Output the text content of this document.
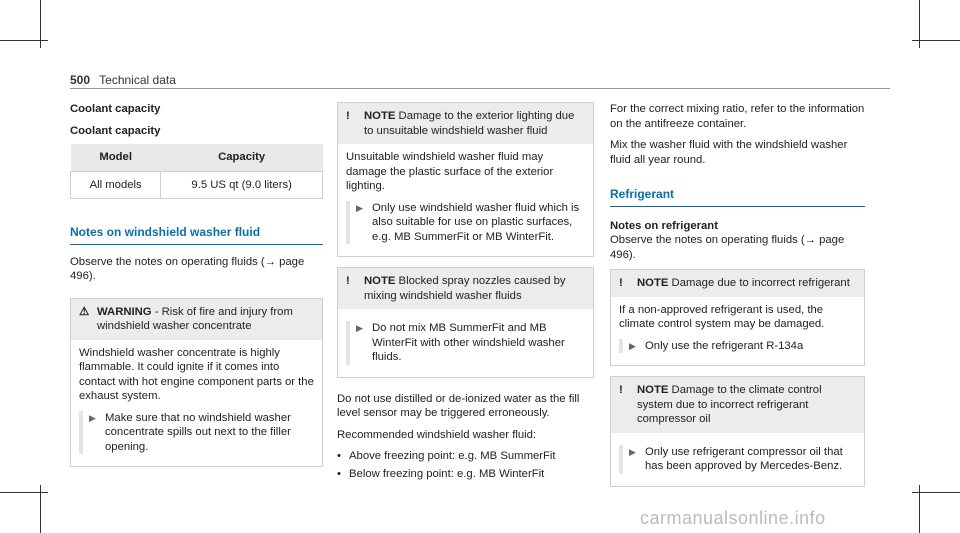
500 Technical data

Coolant capacity

Coolant capacity

Model	Capacity
All models	9.5 US qt (9.0 liters)
Notes on windshield washer fluid

Observe the notes on operating fluids (→ page 496).

⚠ WARNING - Risk of fire and injury from windshield washer concentrate

Windshield washer concentrate is highly flammable. It could ignite if it comes into contact with hot engine component parts or the exhaust system.

▶ Make sure that no windshield washer concentrate spills out next to the filler opening.
! NOTE Damage to the exterior lighting due to unsuitable windshield washer fluid

Unsuitable windshield washer fluid may damage the plastic surface of the exterior lighting.

▶ Only use windshield washer fluid which is also suitable for use on plastic surfaces, e.g. MB SummerFit or MB WinterFit.
! NOTE Blocked spray nozzles caused by mixing windshield washer fluids
▶ Do not mix MB SummerFit and MB WinterFit with other windshield washer fluids.

Do not use distilled or de-ionized water as the fill level sensor may be triggered erroneously.

Recommended windshield washer fluid:

• Above freezing point: e.g. MB SummerFit
• Below freezing point: e.g. MB WinterFit

For the correct mixing ratio, refer to the information on the antifreeze container.

Mix the washer fluid with the windshield washer fluid all year round.

Refrigerant

Notes on refrigerant

Observe the notes on operating fluids (→ page 496).

! NOTE Damage due to incorrect refrigerant

If a non-approved refrigerant is used, the climate control system may be damaged.

▶ Only use the refrigerant R-134a
! NOTE Damage to the climate control system due to incorrect refrigerant compressor oil
▶ Only use refrigerant compressor oil that has been approved by Mercedes-Benz.
carmanualsonline.info
